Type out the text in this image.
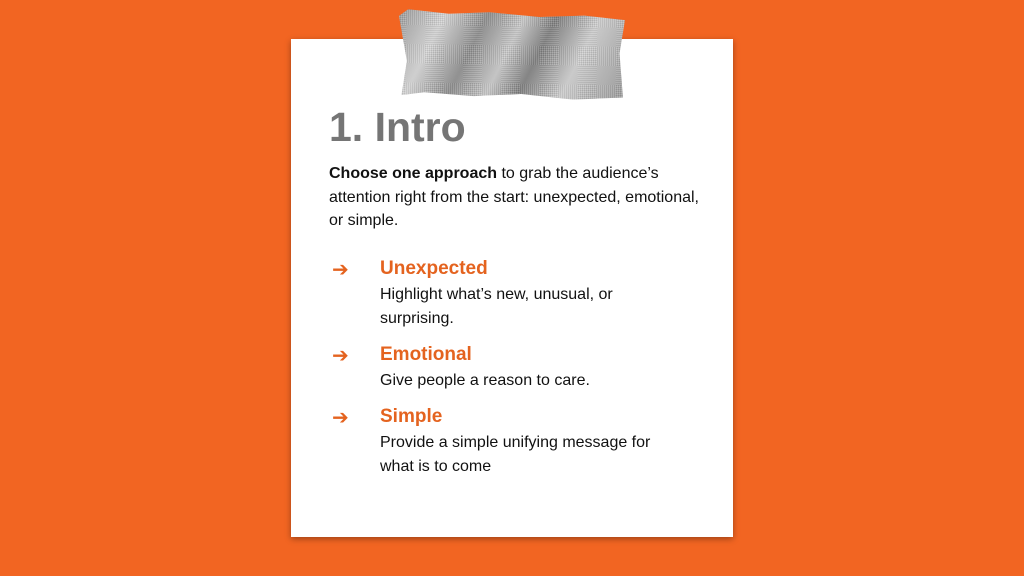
1. Intro

Choose one approach to grab the audience’s attention right from the start: unexpected, emotional, or simple.

➔ Unexpected
Highlight what’s new, unusual, or surprising.
➔ Emotional
Give people a reason to care.
➔ Simple
Provide a simple unifying message for what is to come
